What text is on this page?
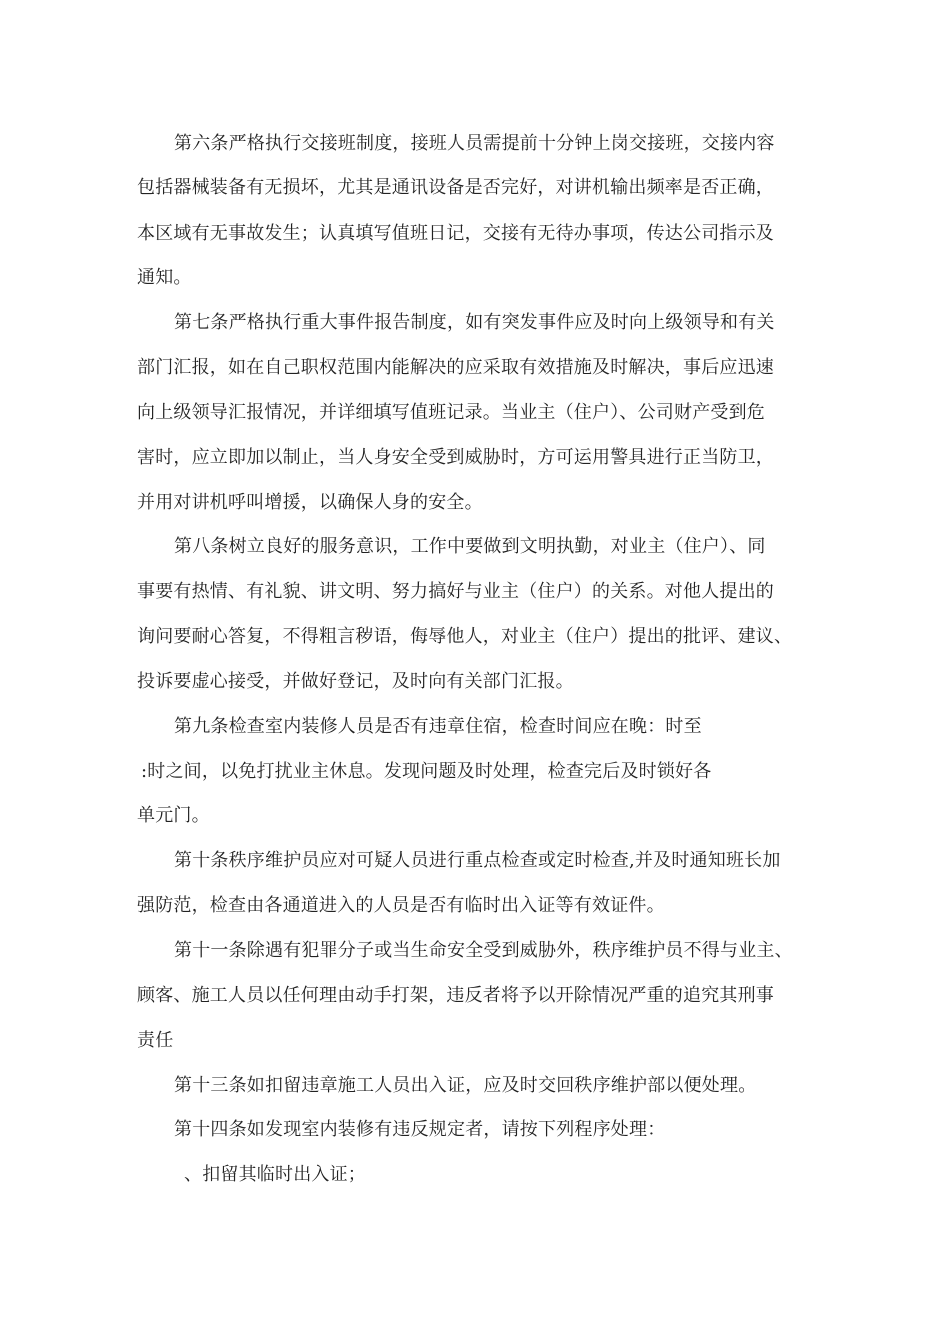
第六条严格执行交接班制度，接班人员需提前十分钟上岗交接班，交接内容
包括器械装备有无损坏，尤其是通讯设备是否完好，对讲机输出频率是否正确，
本区域有无事故发生；认真填写值班日记，交接有无待办事项，传达公司指示及
通知。
第七条严格执行重大事件报告制度，如有突发事件应及时向上级领导和有关
部门汇报，如在自己职权范围内能解决的应采取有效措施及时解决，事后应迅速
向上级领导汇报情况，并详细填写值班记录。当业主（住户）、公司财产受到危
害时，应立即加以制止，当人身安全受到威胁时，方可运用警具进行正当防卫，
并用对讲机呼叫增援，以确保人身的安全。
第八条树立良好的服务意识，工作中要做到文明执勤，对业主（住户）、同
事要有热情、有礼貌、讲文明、努力搞好与业主（住户）的关系。对他人提出的
询问要耐心答复，不得粗言秽语，侮辱他人，对业主（住户）提出的批评、建议、
投诉要虚心接受，并做好登记，及时向有关部门汇报。
第九条检查室内装修人员是否有违章住宿，检查时间应在晚：时至
:时之间，以免打扰业主休息。发现问题及时处理，检查完后及时锁好各
单元门。
第十条秩序维护员应对可疑人员进行重点检查或定时检查,并及时通知班长加
强防范，检查由各通道进入的人员是否有临时出入证等有效证件。
第十一条除遇有犯罪分子或当生命安全受到威胁外，秩序维护员不得与业主、
顾客、施工人员以任何理由动手打架，违反者将予以开除情况严重的追究其刑事
责任
第十三条如扣留违章施工人员出入证，应及时交回秩序维护部以便处理。
第十四条如发现室内装修有违反规定者，请按下列程序处理：
、扣留其临时出入证；
